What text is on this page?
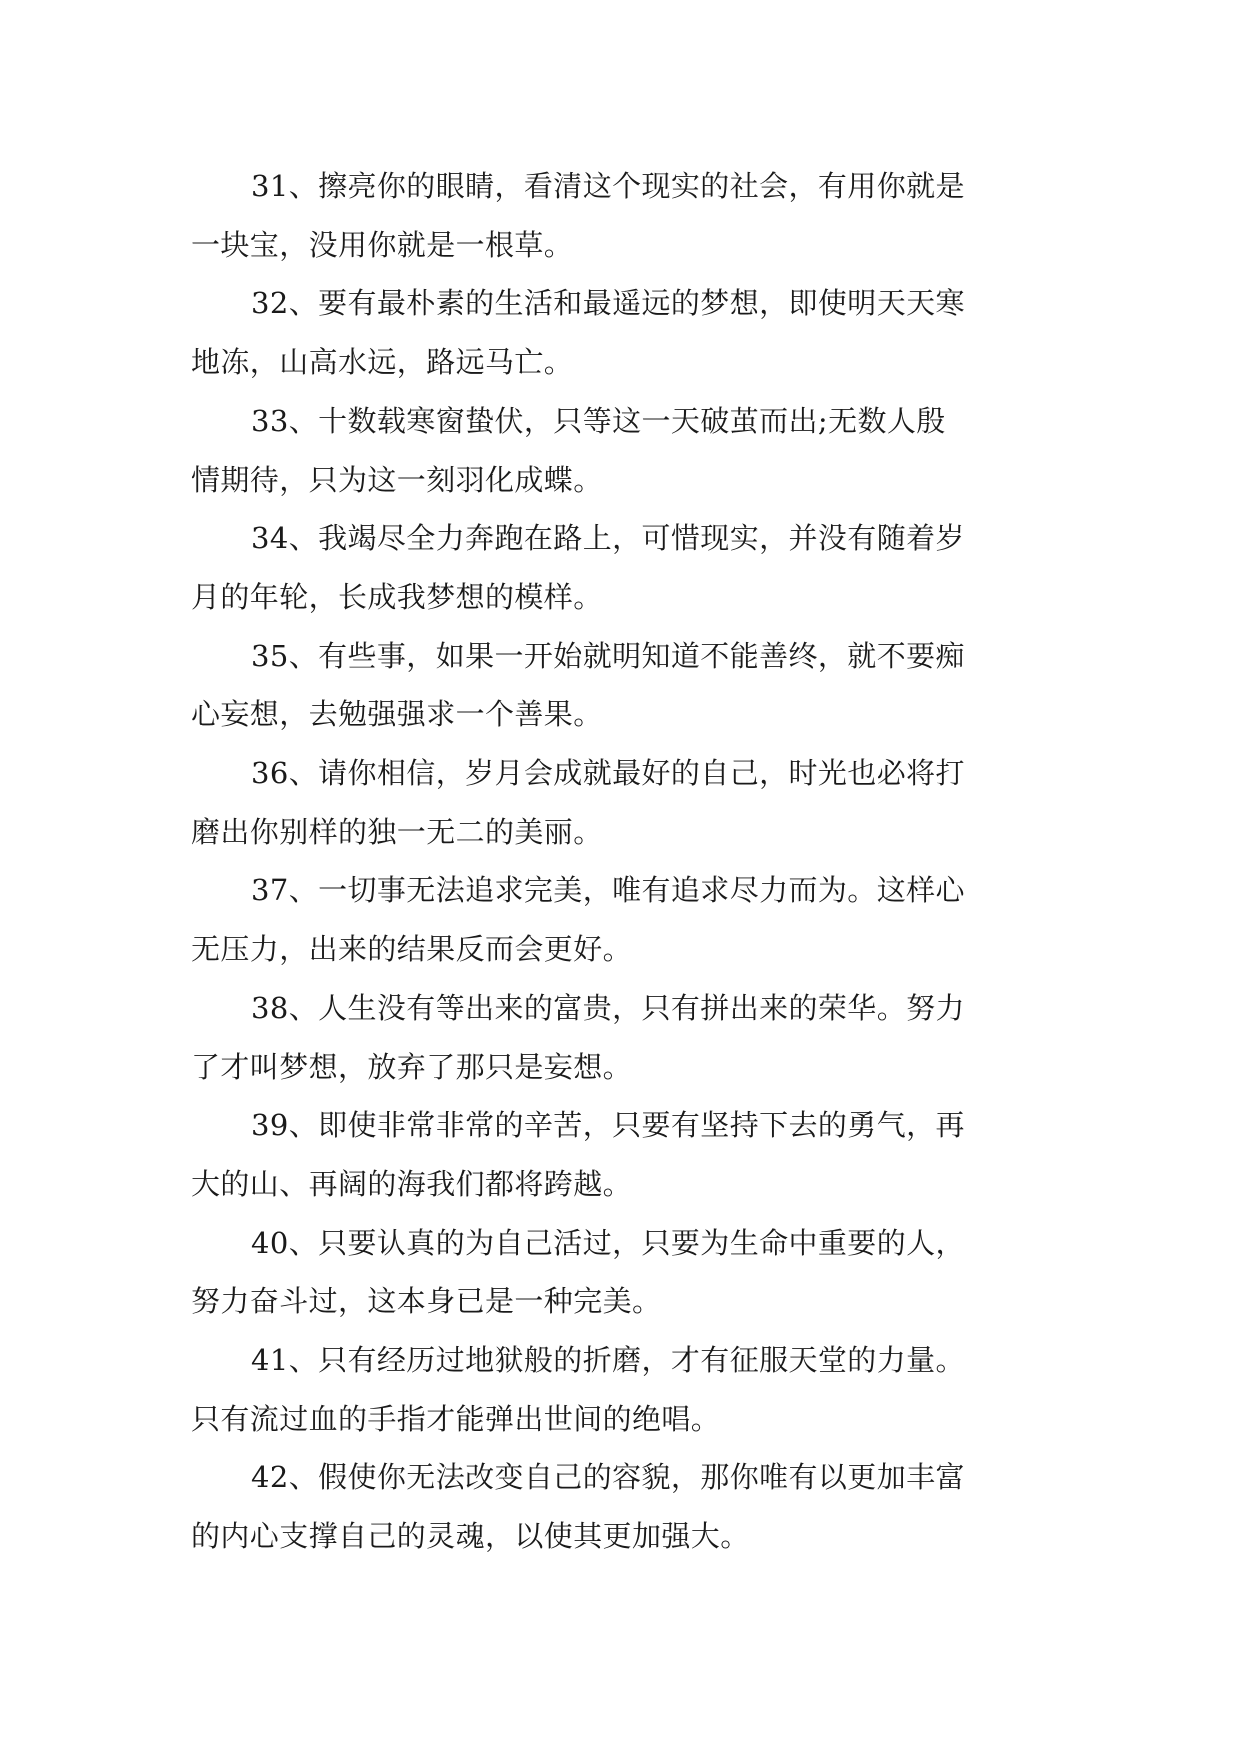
31、擦亮你的眼睛，看清这个现实的社会，有用你就是
一块宝，没用你就是一根草。

32、要有最朴素的生活和最遥远的梦想，即使明天天寒
地冻，山高水远，路远马亡。

33、十数载寒窗蛰伏，只等这一天破茧而出;无数人殷
情期待，只为这一刻羽化成蝶。

34、我竭尽全力奔跑在路上，可惜现实，并没有随着岁
月的年轮，长成我梦想的模样。

35、有些事，如果一开始就明知道不能善终，就不要痴
心妄想，去勉强强求一个善果。

36、请你相信，岁月会成就最好的自己，时光也必将打
磨出你别样的独一无二的美丽。

37、一切事无法追求完美，唯有追求尽力而为。这样心
无压力，出来的结果反而会更好。

38、人生没有等出来的富贵，只有拼出来的荣华。努力
了才叫梦想，放弃了那只是妄想。

39、即使非常非常的辛苦，只要有坚持下去的勇气，再
大的山、再阔的海我们都将跨越。

40、只要认真的为自己活过，只要为生命中重要的人，
努力奋斗过，这本身已是一种完美。

41、只有经历过地狱般的折磨，才有征服天堂的力量。
只有流过血的手指才能弹出世间的绝唱。

42、假使你无法改变自己的容貌，那你唯有以更加丰富
的内心支撑自己的灵魂，以使其更加强大。
